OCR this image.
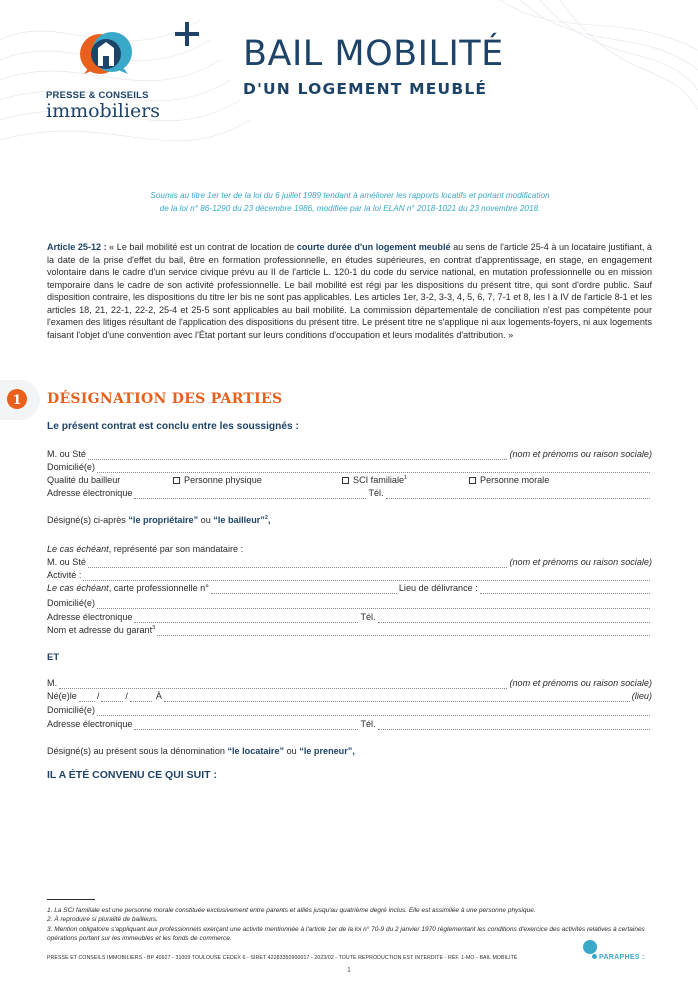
PRESSE & CONSEILS
immobiliers
BAIL MOBILITÉ
D'UN LOGEMENT MEUBLÉ
Soumis au titre 1er ter de la loi du 6 juillet 1989 tendant à améliorer les rapports locatifs et portant modification
de la loi n° 86-1290 du 23 décembre 1986, modifiée par la loi ELAN n° 2018-1021 du 23 novembre 2018.
Article 25-12 : « Le bail mobilité est un contrat de location de courte durée d'un logement meublé au sens de l'article 25-4 à un locataire justifiant, à la date de la prise d'effet du bail, être en formation professionnelle, en études supérieures, en contrat d'apprentissage, en stage, en engagement volontaire dans le cadre d'un service civique prévu au II de l'article L. 120-1 du code du service national, en mutation professionnelle ou en mission temporaire dans le cadre de son activité professionnelle. Le bail mobilité est régi par les dispositions du présent titre, qui sont d'ordre public. Sauf disposition contraire, les dispositions du titre ler bis ne sont pas applicables. Les articles 1er, 3-2, 3-3, 4, 5, 6, 7, 7-1 et 8, les I à IV de l'article 8-1 et les articles 18, 21, 22-1, 22-2, 25-4 et 25-5 sont applicables au bail mobilité. La commission départementale de conciliation n'est pas compétente pour l'examen des litiges résultant de l'application des dispositions du présent titre. Le présent titre ne s'applique ni aux logements-foyers, ni aux logements faisant l'objet d'une convention avec l'État portant sur leurs conditions d'occupation et leurs modalités d'attribution. »
1 DÉSIGNATION DES PARTIES
Le présent contrat est conclu entre les soussignés :
M. ou Sté	(nom et prénoms ou raison sociale)
Domicilié(e)
Qualité du bailleur	Personne physique	SCI familiale$^1$	Personne morale
Adresse électronique	Tél.
Désigné(s) ci-après “le propriétaire” ou “le bailleur”$^2$,
Le cas échéant, représenté par son mandataire :
M. ou Sté	(nom et prénoms ou raison sociale)
Activité :
Le cas échéant, carte professionnelle n°	Lieu de délivrance :
Domicilié(e)
Adresse électronique	Tél.
Nom et adresse du garant$^3$
ET
M.	(nom et prénoms ou raison sociale)
Né(e)le /	/	À	(lieu)
Domicilié(e)
Adresse électronique	Tél.
Désigné(s) au présent sous la dénomination “le locataire” ou “le preneur”,
IL A ÉTÉ CONVENU CE QUI SUIT :
1. La SCI familiale est une personne morale constituée exclusivement entre parents et alliés jusqu'au quatrième degré inclus. Elle est assimilée à une personne physique.
2. À reproduire si pluralité de bailleurs.
3. Mention obligatoire s'appliquant aux professionnels exerçant une activité mentionnée à l'article 1er de la loi n° 70-9 du 2 janvier 1970 réglementant les conditions d'exercice des activités relatives à certaines opérations portant sur les immeubles et les fonds de commerce.
PRESSE ET CONSEILS IMMOBILIERS - BP 40927 - 31009 TOULOUSE CEDEX 6 - SIRET 42283350900017 - 2023/02 - TOUTE REPRODUCTION EST INTERDITE - RÉF. 1-MO - BAIL MOBILITÉ	PARAPHES :
1
